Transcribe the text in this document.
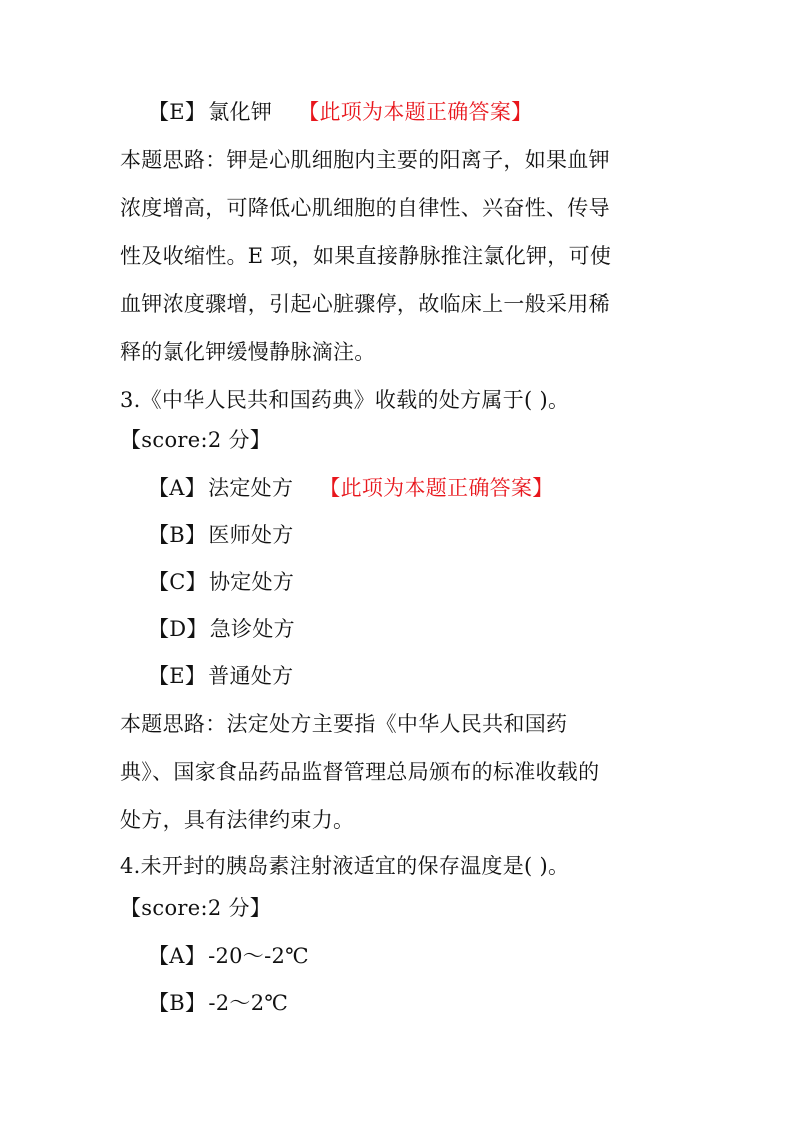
【E】氯化钾 【此项为本题正确答案】
本题思路：钾是心肌细胞内主要的阳离子，如果血钾
浓度增高，可降低心肌细胞的自律性、兴奋性、传导
性及收缩性。E 项，如果直接静脉推注氯化钾，可使
血钾浓度骤增，引起心脏骤停，故临床上一般采用稀
释的氯化钾缓慢静脉滴注。
3.《中华人民共和国药典》收载的处方属于( )。
【score:2 分】
【A】法定处方 【此项为本题正确答案】
【B】医师处方
【C】协定处方
【D】急诊处方
【E】普通处方
本题思路：法定处方主要指《中华人民共和国药
典》、国家食品药品监督管理总局颁布的标准收载的
处方，具有法律约束力。
4.未开封的胰岛素注射液适宜的保存温度是( )。
【score:2 分】
【A】-20～-2℃
【B】-2～2℃
